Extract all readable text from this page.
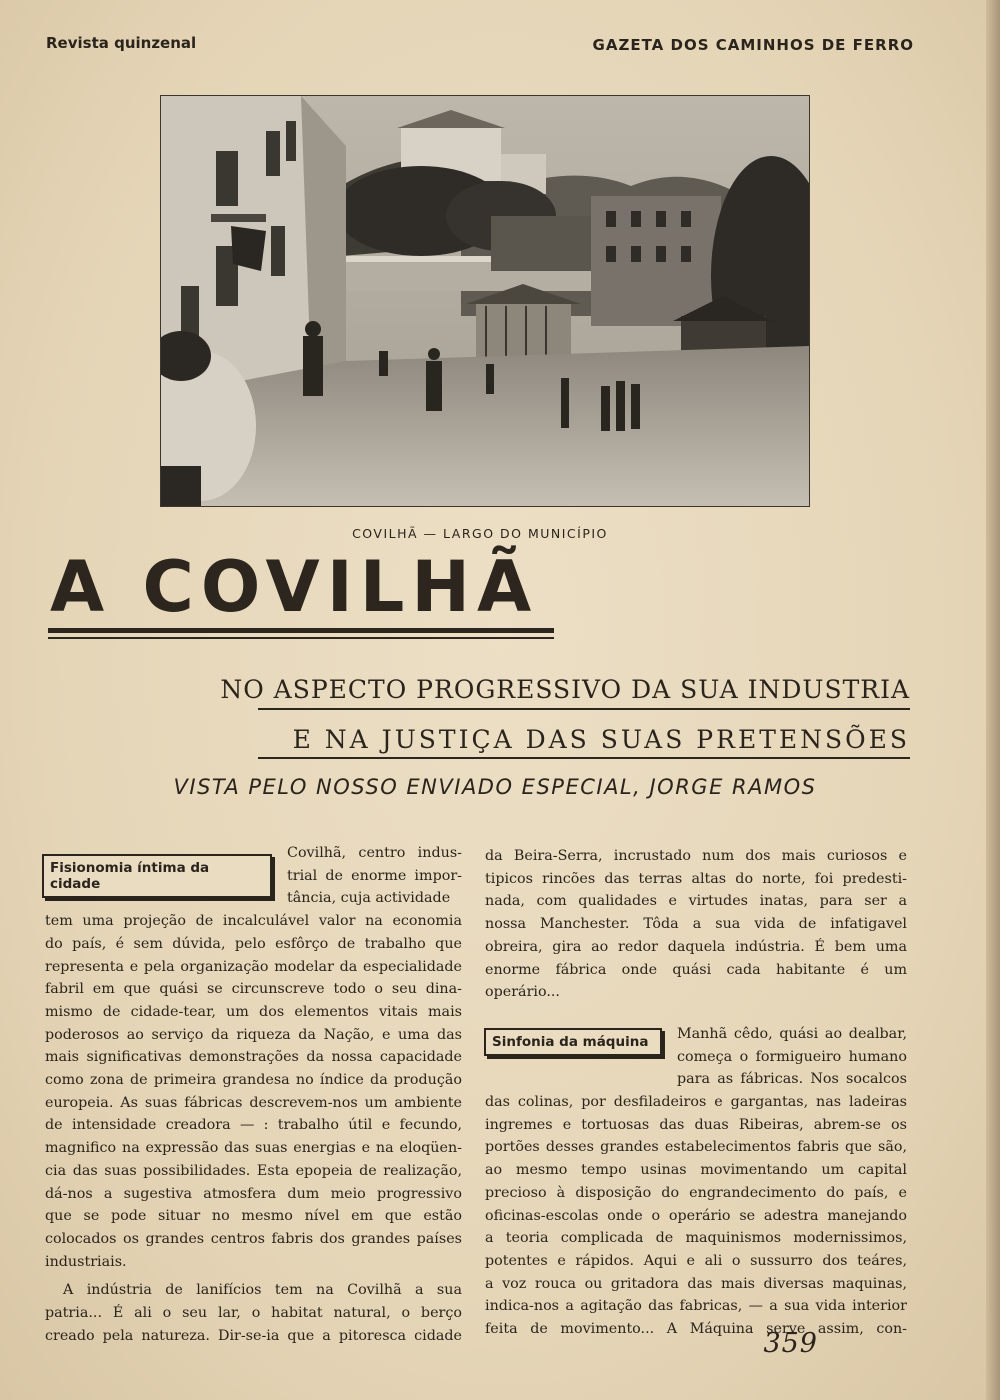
Revista quinzenal	GAZETA DOS CAMINHOS DE FERRO
COVILHÃ — LARGO DO MUNICÍPIO
A COVILHÃ
NO ASPECTO PROGRESSIVO DA SUA INDUSTRIA
E NA JUSTIÇA DAS SUAS PRETENSÕES
VISTA PELO NOSSO ENVIADO ESPECIAL, JORGE RAMOS
Fisionomia íntima da cidade
Sinfonia da máquina
Covilhã, centro indus-
trial de enorme impor-
tância, cuja actividade
tem uma projeção de incalculável valor na economia
do país, é sem dúvida, pelo esfôrço de trabalho que
representa e pela organização modelar da especialidade
fabril em que quási se circunscreve todo o seu dina-
mismo de cidade-tear, um dos elementos vitais mais
poderosos ao serviço da riqueza da Nação, e uma das
mais significativas demonstrações da nossa capacidade
como zona de primeira grandesa no índice da produção
europeia. As suas fábricas descrevem-nos um ambiente
de intensidade creadora — : trabalho útil e fecundo,
magnifico na expressão das suas energias e na eloqüen-
cia das suas possibilidades. Esta epopeia de realização,
dá-nos a sugestiva atmosfera dum meio progressivo
que se pode situar no mesmo nível em que estão
colocados os grandes centros fabris dos grandes países
industriais.
A indústria de lanifícios tem na Covilhã a sua
patria... É ali o seu lar, o habitat natural, o berço
creado pela natureza. Dir-se-ia que a pitoresca cidade
da Beira-Serra, incrustado num dos mais curiosos e
tipicos rincões das terras altas do norte, foi predesti-
nada, com qualidades e virtudes inatas, para ser a
nossa Manchester. Tôda a sua vida de infatigavel
obreira, gira ao redor daquela indústria. É bem uma
enorme fábrica onde quási cada habitante é um
operário...
Manhã cêdo, quási ao dealbar,
começa o formigueiro humano
para as fábricas. Nos socalcos
das colinas, por desfiladeiros e gargantas, nas ladeiras
ingremes e tortuosas das duas Ribeiras, abrem-se os
portões desses grandes estabelecimentos fabris que são,
ao mesmo tempo usinas movimentando um capital
precioso à disposição do engrandecimento do país, e
oficinas-escolas onde o operário se adestra manejando
a teoria complicada de maquinismos modernissimos,
potentes e rápidos. Aqui e ali o sussurro dos teáres,
a voz rouca ou gritadora das mais diversas maquinas,
indica-nos a agitação das fabricas, — a sua vida interior
feita de movimento... A Máquina serve assim, con-
359
